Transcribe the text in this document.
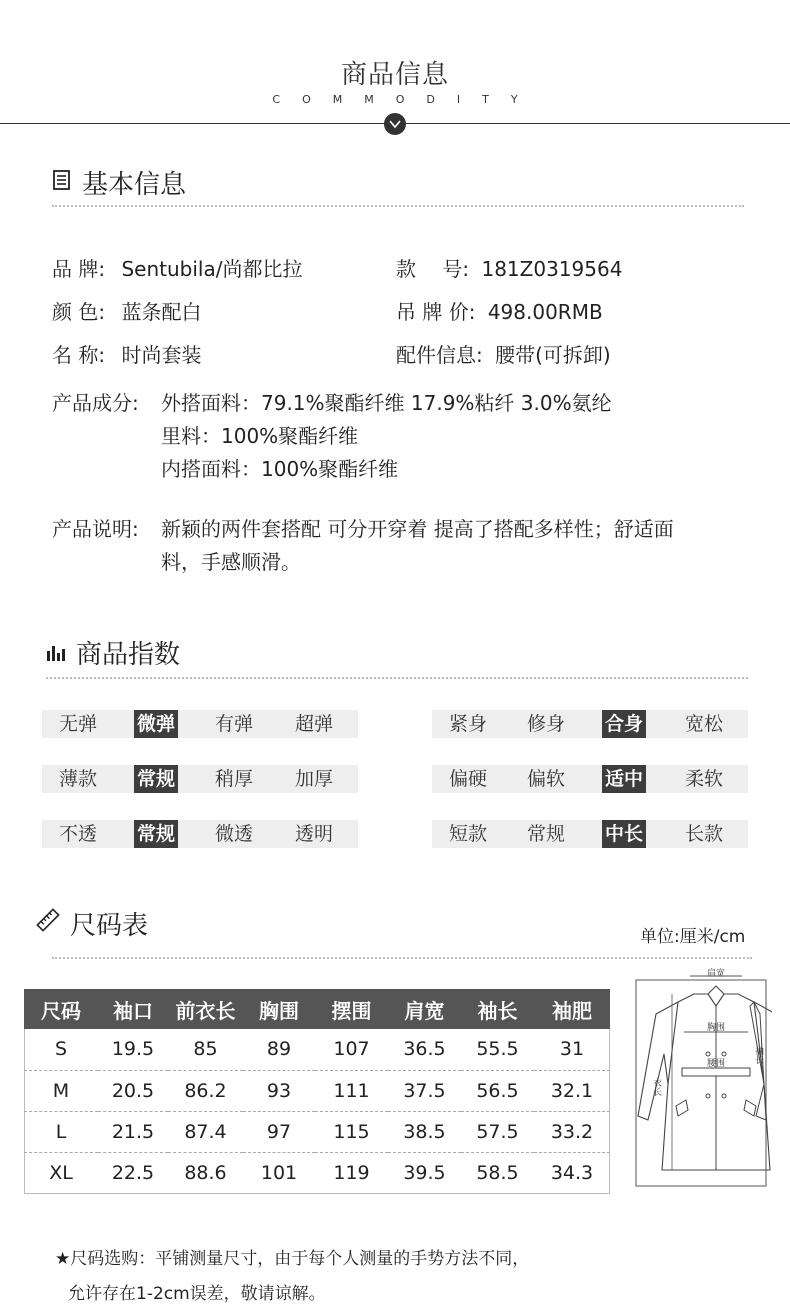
商品信息
COMMODITY
基本信息
品 牌: Sentubila/尚都比拉	款　 号: 181Z0319564
颜 色: 蓝条配白	吊 牌 价: 498.00RMB
名 称: 时尚套装	配件信息: 腰带(可拆卸)
产品成分: 外搭面料：79.1%聚酯纤维 17.9%粘纤 3.0%氨纶
里料：100%聚酯纤维
内搭面料：100%聚酯纤维
产品说明: 新颖的两件套搭配 可分开穿着 提高了搭配多样性；舒适面
料，手感顺滑。
商品指数
无弹 微弹 有弹 超弹	紧身 修身 合身 宽松
薄款 常规 稍厚 加厚	偏硬 偏软 适中 柔软
不透 常规 微透 透明	短款 常规 中长 长款
尺码表	单位:厘米/cm
尺码	袖口	前衣长	胸围	摆围	肩宽	袖长	袖肥
S	19.5	85	89	107	36.5	55.5	31
M	20.5	86.2	93	111	37.5	56.5	32.1
L	21.5	87.4	97	115	38.5	57.5	33.2
XL	22.5	88.6	101	119	39.5	58.5	34.3
肩宽
胸围
腰围
衣长
袖长
★尺码选购：平铺测量尺寸，由于每个人测量的手势方法不同，
允许存在1-2cm误差，敬请谅解。
